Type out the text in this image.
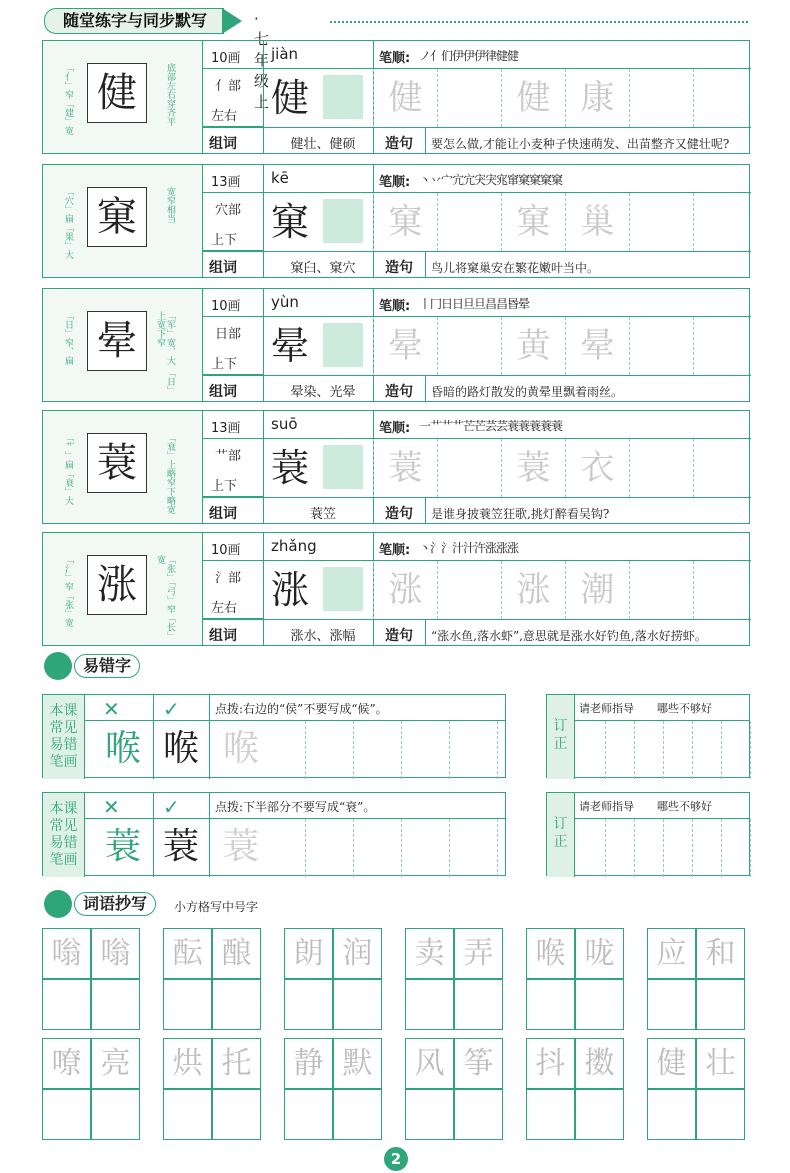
随堂练字与同步默写	· 七年级上
「亻」窄「建」宽 健	底部左右穿齐平
10画 jiàn	笔顺: ノ亻们伊伊伊律健健
亻部
左右 健	健	健 康
组词	健壮、健硕	造句 要怎么做,才能让小麦种子快速萌发、出苗整齐又健壮呢?
「穴」扁「果」大 窠	宽窄相当
13画 kē	笔顺: 丶丷宀宂宂宊宊宨窜窠窠窠窠
穴部
上下 窠	窠	窠 巢
组词	窠臼、窠穴	造句 鸟儿将窠巢安在繁花嫩叶当中。
「日」窄、扁 晕	「军」宽、大 「日」上宽下窄
10画 yùn	笔顺: 丨冂日日旦旦昌昌昬晕
日部
上下 晕	晕	黄 晕
组词	晕染、光晕	造句 昏暗的路灯散发的黄晕里飘着雨丝。
「艹」扁「衰」大 蓑	「衰」上略窄下略宽
13画 suō	笔顺: 一艹艹艹芒芒芸芸蓑蓑蓑蓑蓑
艹部
上下 蓑	蓑	蓑 衣
组词	蓑笠	造句 是谁身披蓑笠狂歌,挑灯醉看吴钩?
「氵」窄「张」宽 涨	「张」「弓」窄「长」宽
10画 zhǎng	笔顺: 丶氵氵汁汁汻涨涨涨
氵部
左右 涨	涨	涨 潮
组词	涨水、涨幅	造句 “涨水鱼,落水虾”,意思就是涨水好钓鱼,落水好捞虾。
易错字
本课常见易错笔画
✕ ✓	点拨:右边的“侯”不要写成“候”。
喉 喉 喉
订正
请老师指导 哪些不够好
本课常见易错笔画
✕ ✓	点拨:下半部分不要写成“衰”。
蓑 蓑 蓑
订正
请老师指导 哪些不够好
词语抄写	小方格写中号字
嗡 嗡	酝 酿	朗 润	卖 弄	喉 咙	应 和
嘹 亮	烘 托	静 默	风 筝	抖 擞	健 壮
2
